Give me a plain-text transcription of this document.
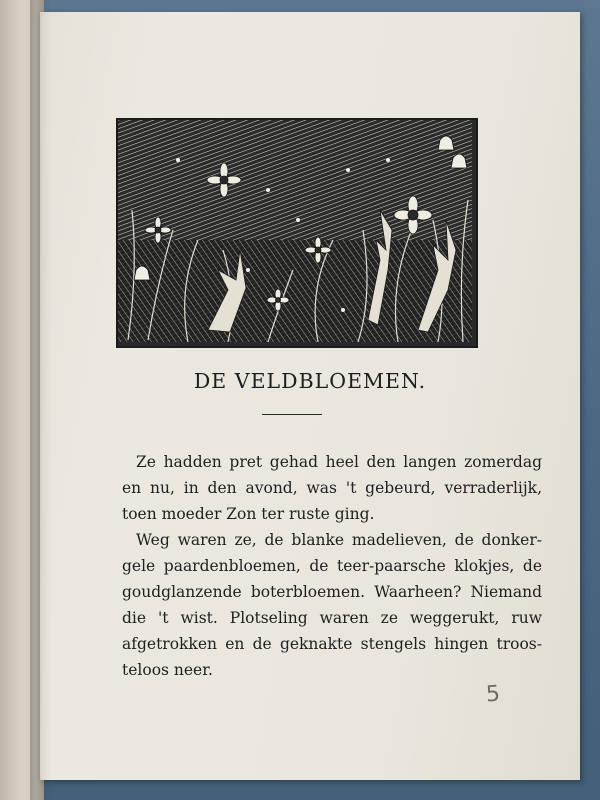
DE VELDBLOEMEN.
Ze hadden pret gehad heel den langen zomerdag
en nu, in den avond, was 't gebeurd, verraderlijk,
toen moeder Zon ter ruste ging.
Weg waren ze, de blanke madelieven, de donker-
gele paardenbloemen, de teer-paarsche klokjes, de
goudglanzende boterbloemen. Waarheen? Niemand
die 't wist. Plotseling waren ze weggerukt, ruw
afgetrokken en de geknakte stengels hingen troos-
teloos neer.
5
